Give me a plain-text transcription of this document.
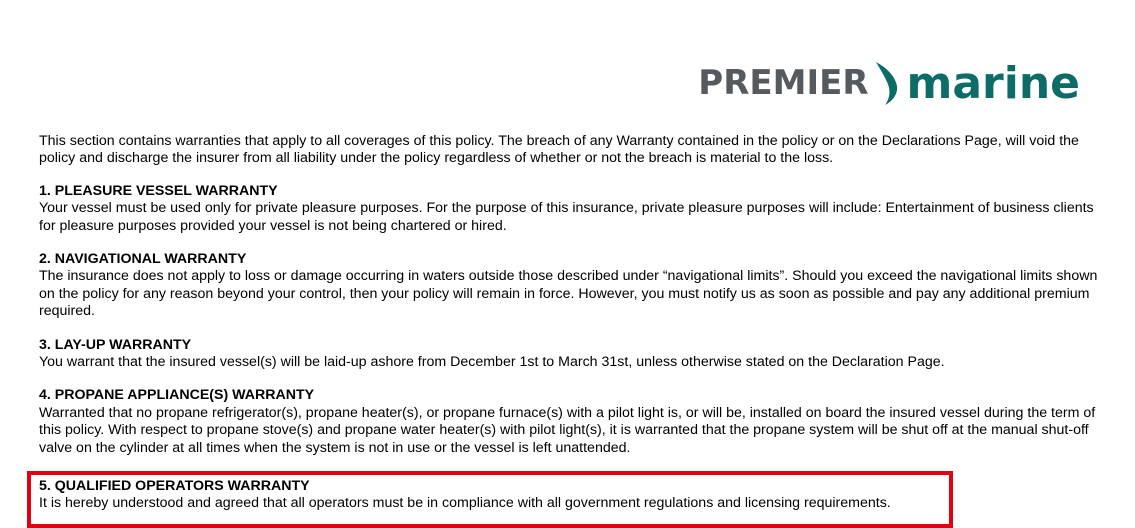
PREMIER marine

This section contains warranties that apply to all coverages of this policy. The breach of any Warranty contained in the policy or on the Declarations Page, will void the policy and discharge the insurer from all liability under the policy regardless of whether or not the breach is material to the loss.

1. PLEASURE VESSEL WARRANTY

Your vessel must be used only for private pleasure purposes. For the purpose of this insurance, private pleasure purposes will include: Entertainment of business clients for pleasure purposes provided your vessel is not being chartered or hired.

2. NAVIGATIONAL WARRANTY

The insurance does not apply to loss or damage occurring in waters outside those described under “navigational limits”. Should you exceed the navigational limits shown on the policy for any reason beyond your control, then your policy will remain in force. However, you must notify us as soon as possible and pay any additional premium required.

3. LAY-UP WARRANTY

You warrant that the insured vessel(s) will be laid-up ashore from December 1st to March 31st, unless otherwise stated on the Declaration Page.

4. PROPANE APPLIANCE(S) WARRANTY

Warranted that no propane refrigerator(s), propane heater(s), or propane furnace(s) with a pilot light is, or will be, installed on board the insured vessel during the term of this policy. With respect to propane stove(s) and propane water heater(s) with pilot light(s), it is warranted that the propane system will be shut off at the manual shut-off valve on the cylinder at all times when the system is not in use or the vessel is left unattended.

5. QUALIFIED OPERATORS WARRANTY

It is hereby understood and agreed that all operators must be in compliance with all government regulations and licensing requirements.
